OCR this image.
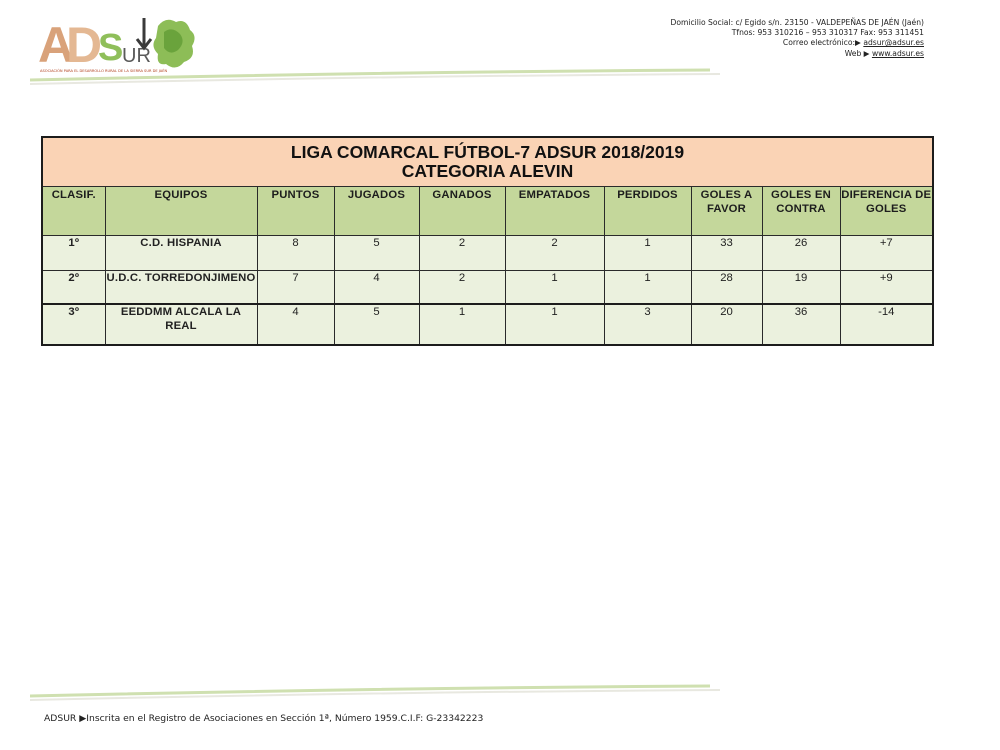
A
D
S
UR
ASOCIACIÓN PARA EL DESARROLLO RURAL DE LA SIERRA SUR DE JAÉN
Domicilio Social: c/ Egido s/n. 23150 - VALDEPEÑAS DE JAÉN (Jaén)
Tfnos: 953 310216 – 953 310317 Fax: 953 311451
Correo electrónico:▶ adsur@adsur.es
Web ▶ www.adsur.es
LIGA COMARCAL FÚTBOL-7 ADSUR 2018/2019
CATEGORIA ALEVIN									

CLASIF.	EQUIPOS	PUNTOS	JUGADOS	GANADOS	EMPATADOS	PERDIDOS	GOLES A FAVOR	GOLES EN CONTRA	DIFERENCIA DE GOLES
1º	C.D. HISPANIA	8	5	2	2	1	33	26	+7
2º	U.D.C. TORREDONJIMENO	7	4	2	1	1	28	19	+9
3º	EEDDMM ALCALA LA REAL	4	5	1	1	3	20	36	-14
ADSUR ▶Inscrita en el Registro de Asociaciones en Sección 1ª, Número 1959.C.I.F: G-23342223
